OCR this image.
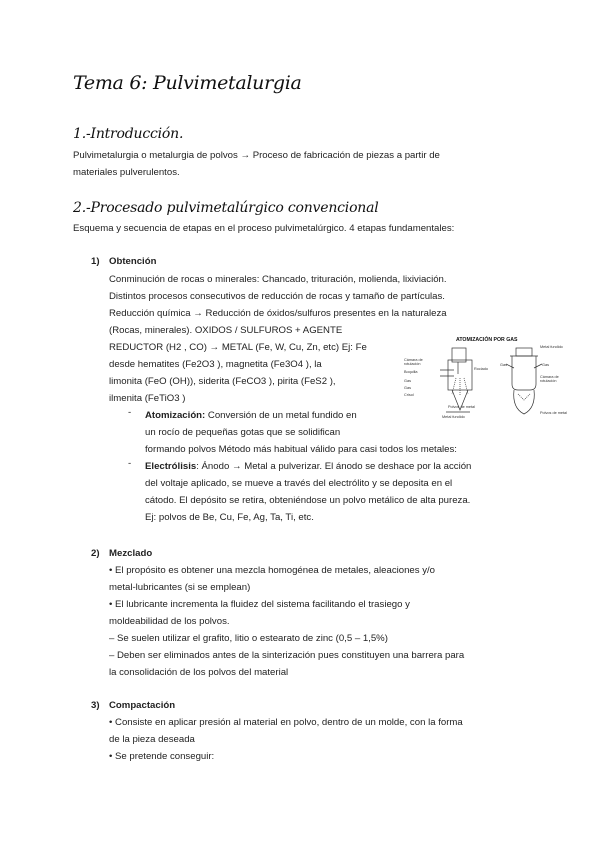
Tema 6: Pulvimetalurgia
1.-Introducción.
Pulvimetalurgia o metalurgia de polvos → Proceso de fabricación de piezas a partir de
materiales pulverulentos.
2.-Procesado pulvimetalúrgico convencional
Esquema y secuencia de etapas en el proceso pulvimetalúrgico. 4 etapas fundamentales:
1) Obtención
Conminución de rocas o minerales: Chancado, trituración, molienda, lixiviación.
Distintos procesos consecutivos de reducción de rocas y tamaño de partículas.
Reducción química → Reducción de óxidos/sulfuros presentes en la naturaleza
(Rocas, minerales). OXIDOS / SULFUROS + AGENTE
REDUCTOR (H2 , CO) → METAL (Fe, W, Cu, Zn, etc) Ej: Fe
desde hematites (Fe2O3 ), magnetita (Fe3O4 ), la
limonita (FeO (OH)), siderita (FeCO3 ), pirita (FeS2 ),
ilmenita (FeTiO3 )
- Atomización: Conversión de un metal fundido en
un rocío de pequeñas gotas que se solidifican
formando polvos Método más habitual válido para casi todos los metales:
- Electrólisis: Ánodo → Metal a pulverizar. El ánodo se deshace por la acción
del voltaje aplicado, se mueve a través del electrólito y se deposita en el
cátodo. El depósito se retira, obteniéndose un polvo metálico de alta pureza.
Ej: polvos de Be, Cu, Fe, Ag, Ta, Ti, etc.
ATOMIZACIÓN POR GAS
Cámara de
rotulación
Boquilla
Gas
Gas
Crisol
Rociado
Polvos de metal
Metal fundido
Metal fundido
Gas	Gas
Cámara de
rotulación
Polvos de metal
2) Mezclado
• El propósito es obtener una mezcla homogénea de metales, aleaciones y/o
metal-lubricantes (si se emplean)
• El lubricante incrementa la fluidez del sistema facilitando el trasiego y
moldeabilidad de los polvos.
– Se suelen utilizar el grafito, litio o estearato de zinc (0,5 – 1,5%)
– Deben ser eliminados antes de la sinterización pues constituyen una barrera para
la consolidación de los polvos del material
3) Compactación
• Consiste en aplicar presión al material en polvo, dentro de un molde, con la forma
de la pieza deseada
• Se pretende conseguir:
